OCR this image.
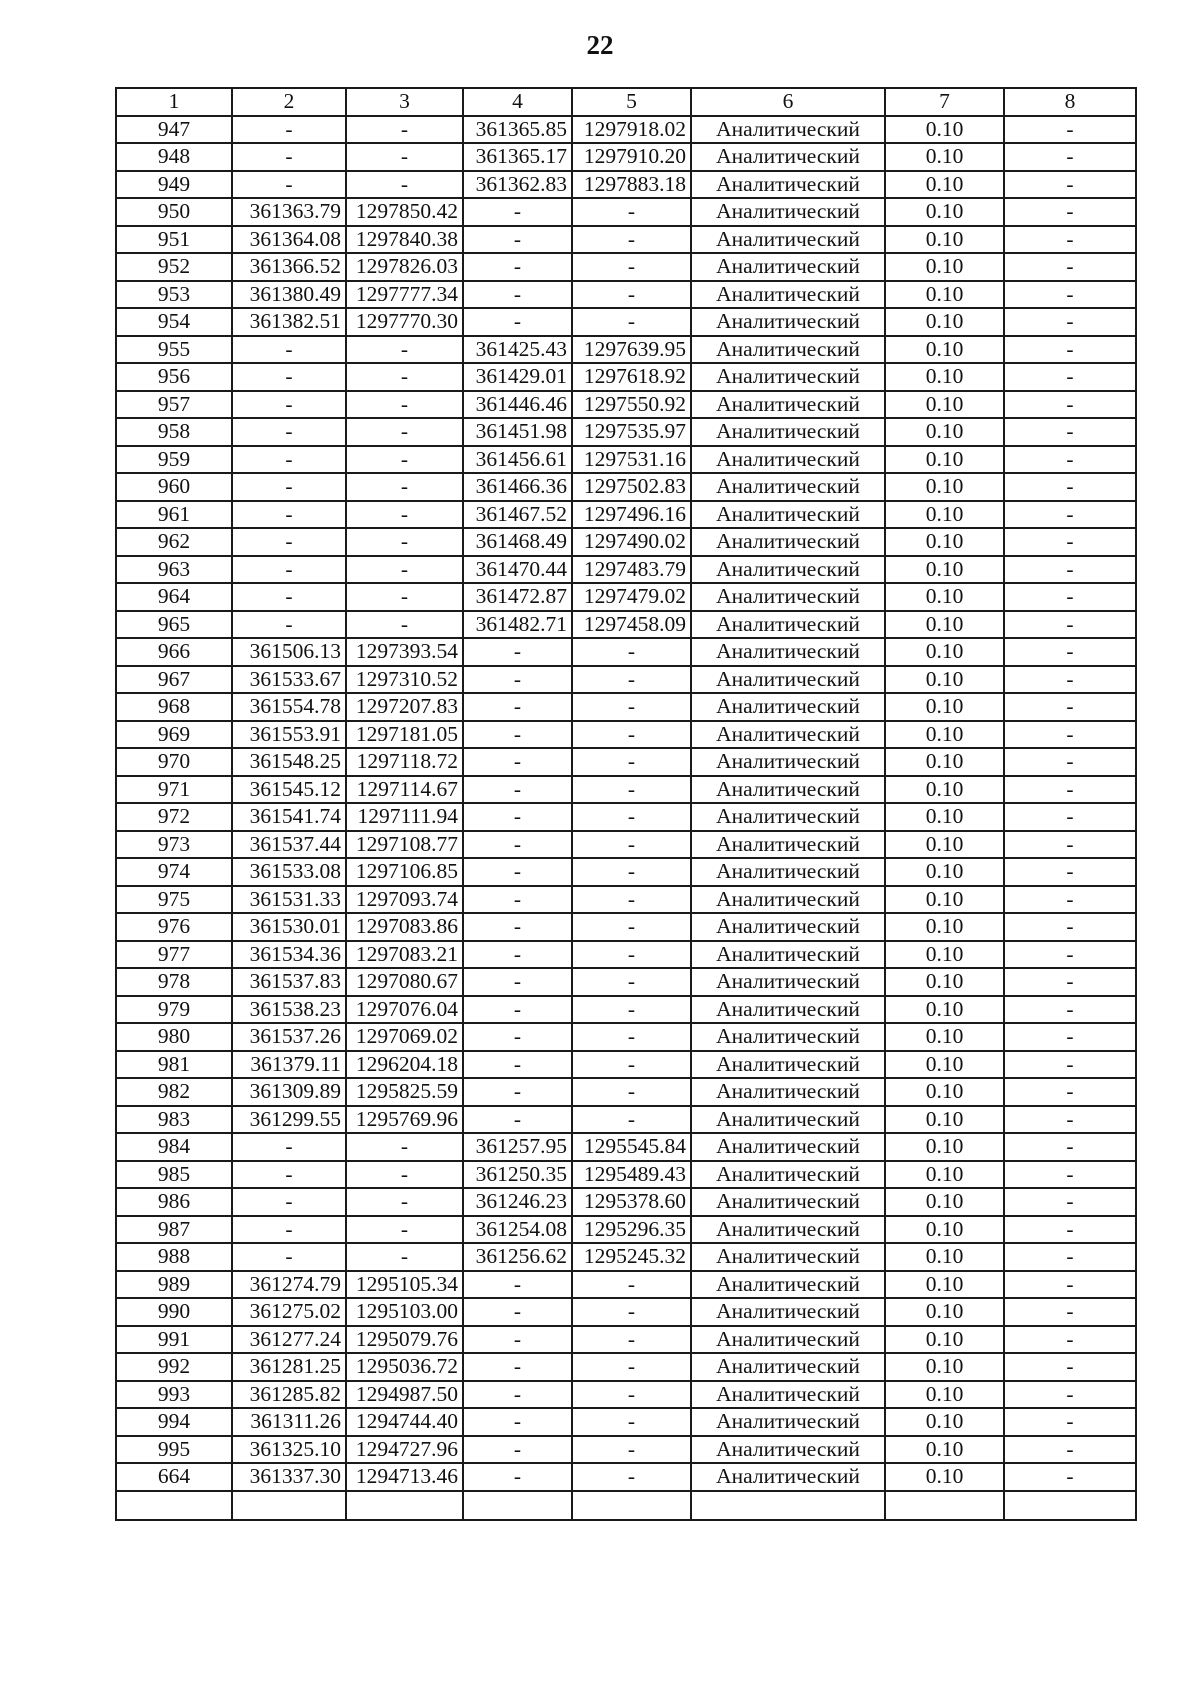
22
1	2	3	4	5	6	7	8
947	-	-	361365.85	1297918.02	Аналитический	0.10	-
948	-	-	361365.17	1297910.20	Аналитический	0.10	-
949	-	-	361362.83	1297883.18	Аналитический	0.10	-
950	361363.79	1297850.42	-	-	Аналитический	0.10	-
951	361364.08	1297840.38	-	-	Аналитический	0.10	-
952	361366.52	1297826.03	-	-	Аналитический	0.10	-
953	361380.49	1297777.34	-	-	Аналитический	0.10	-
954	361382.51	1297770.30	-	-	Аналитический	0.10	-
955	-	-	361425.43	1297639.95	Аналитический	0.10	-
956	-	-	361429.01	1297618.92	Аналитический	0.10	-
957	-	-	361446.46	1297550.92	Аналитический	0.10	-
958	-	-	361451.98	1297535.97	Аналитический	0.10	-
959	-	-	361456.61	1297531.16	Аналитический	0.10	-
960	-	-	361466.36	1297502.83	Аналитический	0.10	-
961	-	-	361467.52	1297496.16	Аналитический	0.10	-
962	-	-	361468.49	1297490.02	Аналитический	0.10	-
963	-	-	361470.44	1297483.79	Аналитический	0.10	-
964	-	-	361472.87	1297479.02	Аналитический	0.10	-
965	-	-	361482.71	1297458.09	Аналитический	0.10	-
966	361506.13	1297393.54	-	-	Аналитический	0.10	-
967	361533.67	1297310.52	-	-	Аналитический	0.10	-
968	361554.78	1297207.83	-	-	Аналитический	0.10	-
969	361553.91	1297181.05	-	-	Аналитический	0.10	-
970	361548.25	1297118.72	-	-	Аналитический	0.10	-
971	361545.12	1297114.67	-	-	Аналитический	0.10	-
972	361541.74	1297111.94	-	-	Аналитический	0.10	-
973	361537.44	1297108.77	-	-	Аналитический	0.10	-
974	361533.08	1297106.85	-	-	Аналитический	0.10	-
975	361531.33	1297093.74	-	-	Аналитический	0.10	-
976	361530.01	1297083.86	-	-	Аналитический	0.10	-
977	361534.36	1297083.21	-	-	Аналитический	0.10	-
978	361537.83	1297080.67	-	-	Аналитический	0.10	-
979	361538.23	1297076.04	-	-	Аналитический	0.10	-
980	361537.26	1297069.02	-	-	Аналитический	0.10	-
981	361379.11	1296204.18	-	-	Аналитический	0.10	-
982	361309.89	1295825.59	-	-	Аналитический	0.10	-
983	361299.55	1295769.96	-	-	Аналитический	0.10	-
984	-	-	361257.95	1295545.84	Аналитический	0.10	-
985	-	-	361250.35	1295489.43	Аналитический	0.10	-
986	-	-	361246.23	1295378.60	Аналитический	0.10	-
987	-	-	361254.08	1295296.35	Аналитический	0.10	-
988	-	-	361256.62	1295245.32	Аналитический	0.10	-
989	361274.79	1295105.34	-	-	Аналитический	0.10	-
990	361275.02	1295103.00	-	-	Аналитический	0.10	-
991	361277.24	1295079.76	-	-	Аналитический	0.10	-
992	361281.25	1295036.72	-	-	Аналитический	0.10	-
993	361285.82	1294987.50	-	-	Аналитический	0.10	-
994	361311.26	1294744.40	-	-	Аналитический	0.10	-
995	361325.10	1294727.96	-	-	Аналитический	0.10	-
664	361337.30	1294713.46	-	-	Аналитический	0.10	-
